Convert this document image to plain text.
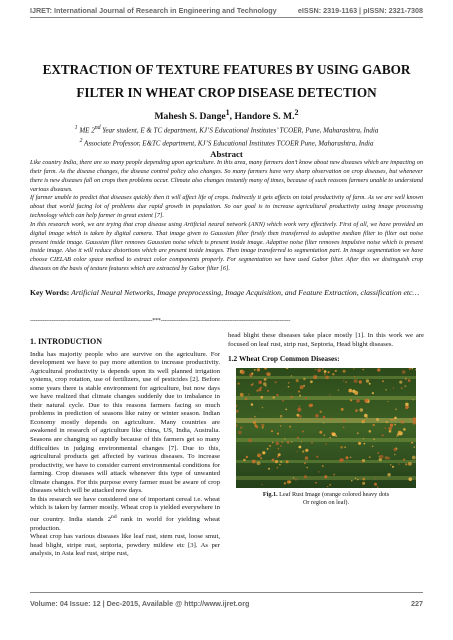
IJRET: International Journal of Research in Engineering and Technology	eISSN: 2319-1163 | pISSN: 2321-7308
EXTRACTION OF TEXTURE FEATURES BY USING GABOR FILTER IN WHEAT CROP DISEASE DETECTION
Mahesh S. Dange$^1$, Handore S. M.$^2$
$^1$ ME 2nd Year student, E & TC department, KJ’S Educational Institutes’ TCOER, Pune, Maharashtra, India
$^2$ Associate Professor, E&TC department, KJ’S Educational Institutes TCOER Pune, Maharashtra, India
Abstract

Like country India, there are so many people depending upon agriculture. In this area, many farmers don’t know about new diseases which are impacting on their farm. As the disease changes, the disease control policy also changes. So many farmers have very sharp observation on crop diseases, but whenever there is new diseases fall on crops then problems occur. Climate also changes instantly many of times, because of such reasons farmers unable to understand various diseases.

If farmer unable to predict that diseases quickly then it will affect life of crops. Indirectly it gets affects on total productivity of farm. As we are well known about that world facing lot of problems due rapid growth in population. So our goal is to increase agricultural productivity using image processing technology which can help farmer in great extent [7].

In this research work, we are trying that crop disease using Artificial neural network (ANN) which work very effectively. First of all, we have provided an digital image which is taken by digital camera. That image given to Gaussian filter firstly then transferred to adaptive median filter to filter out noise present inside image. Gaussian filter removes Gaussian noise which is present inside image. Adaptive noise filter removes impulsive noise which is present inside image. Also it will reduce distortions which are present inside images. Then image transferred to segmentation part. In image segmentation we have choose CIELAB color space method to extract color components properly. For segmentation we have used Gabor filter. After this we distinguish crop diseases on the basis of texture features which are extracted by Gabor filter [6].

Key Words: Artificial Neural Networks, Image preprocessing, Image Acquisition, and Feature Extraction, classification etc…
--------------------------------------------------------------------***------------------------------------------------------------------------
1. INTRODUCTION

India has majority people who are survive on the agriculture. For development we have to pay more attention to increase productivity. Agricultural productivity is depends upon its well planned irrigation systems, crop rotation, use of fertilizers, use of pesticides [2]. Before some years there is stable environment for agriculture, but now days we have realized that climate changes suddenly due to imbalance in their natural cycle. Due to this reasons farmers facing so much problems in prediction of seasons like rainy or winter season. Indian Economy mostly depends on agriculture. Many countries are awakened in research of agriculture like china, US, India, Australia. Seasons are changing so rapidly because of this farmers get so many difficulties in judging environmental changes [7]. Due to this, agricultural products get affected by various diseases. To increase productivity, we have to consider current environmental conditions for farming. Crop diseases will attack whenever this type of unwanted climate changes. For this purpose every farmer must be aware of crop diseases which will be attacked now days.

In this research we have considered one of important cereal i.e. wheat which is taken by farmer mostly. Wheat crop is yielded everywhere in our country. India stands 2nd rank in world for yielding wheat production.

Wheat crop has various diseases like leaf rust, stem rust, loose smut, head blight, stripe rust, septoria, powdery mildew etc [3]. As per analysis, in Asia leaf rust, stripe rust,

head blight these diseases take place mostly [1]. In this work we are focused on leaf rust, strip rust, Septoria, Head blight diseases.

1.2 Wheat Crop Common Diseases:
Fig.1. Leaf Rust Image (orange colored heavy dots
Or region on leaf).
Volume: 04 Issue: 12 | Dec-2015, Available @ http://www.ijret.org	227
